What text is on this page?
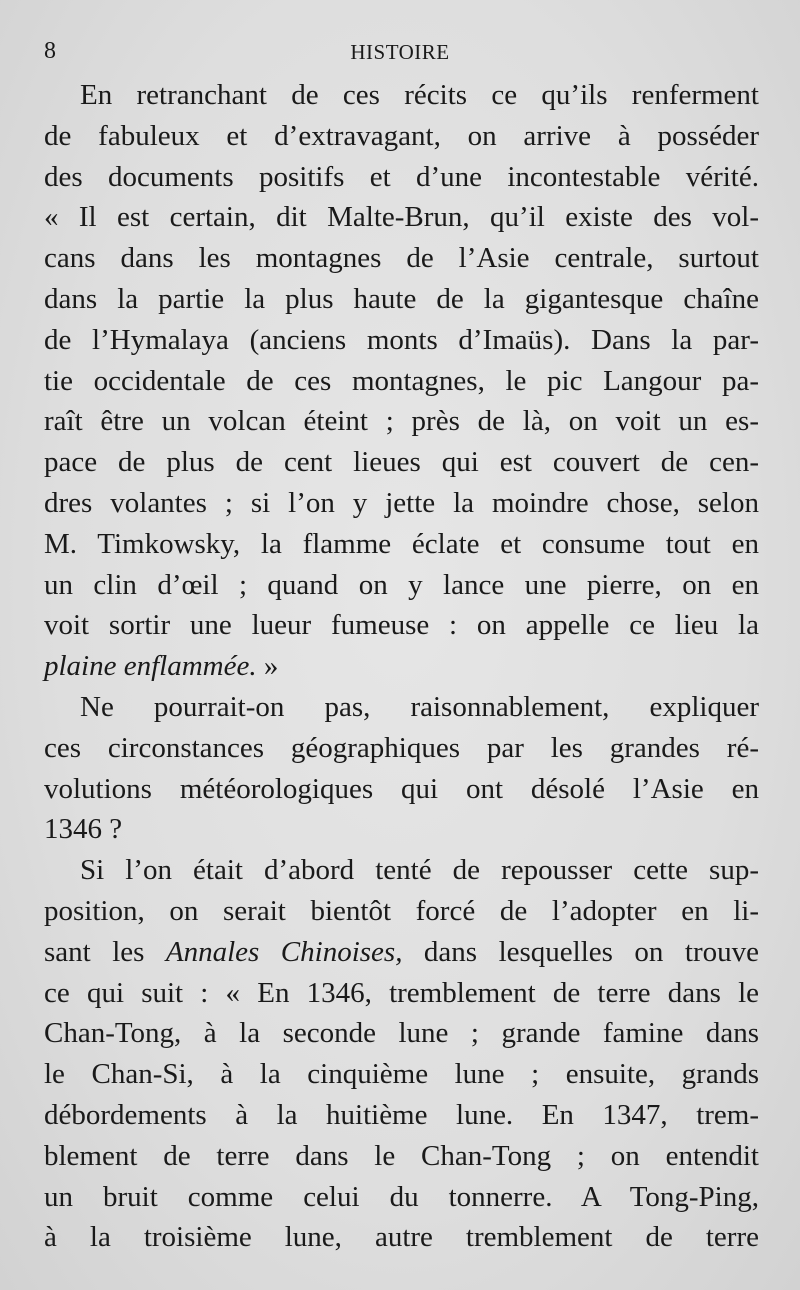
8	HISTOIRE
En retranchant de ces récits ce qu’ils renferment
de fabuleux et d’extravagant, on arrive à posséder
des documents positifs et d’une incontestable vérité.
« Il est certain, dit Malte-Brun, qu’il existe des vol-
cans dans les montagnes de l’Asie centrale, surtout
dans la partie la plus haute de la gigantesque chaîne
de l’Hymalaya (anciens monts d’Imaüs). Dans la par-
tie occidentale de ces montagnes, le pic Langour pa-
raît être un volcan éteint ; près de là, on voit un es-
pace de plus de cent lieues qui est couvert de cen-
dres volantes ; si l’on y jette la moindre chose, selon
M. Timkowsky, la flamme éclate et consume tout en
un clin d’œil ; quand on y lance une pierre, on en
voit sortir une lueur fumeuse : on appelle ce lieu la
plaine enflammée. »
Ne pourrait-on pas, raisonnablement, expliquer
ces circonstances géographiques par les grandes ré-
volutions météorologiques qui ont désolé l’Asie en
1346 ?
Si l’on était d’abord tenté de repousser cette sup-
position, on serait bientôt forcé de l’adopter en li-
sant les Annales Chinoises, dans lesquelles on trouve
ce qui suit : « En 1346, tremblement de terre dans le
Chan-Tong, à la seconde lune ; grande famine dans
le Chan-Si, à la cinquième lune ; ensuite, grands
débordements à la huitième lune. En 1347, trem-
blement de terre dans le Chan-Tong ; on entendit
un bruit comme celui du tonnerre. A Tong-Ping,
à la troisième lune, autre tremblement de terre
